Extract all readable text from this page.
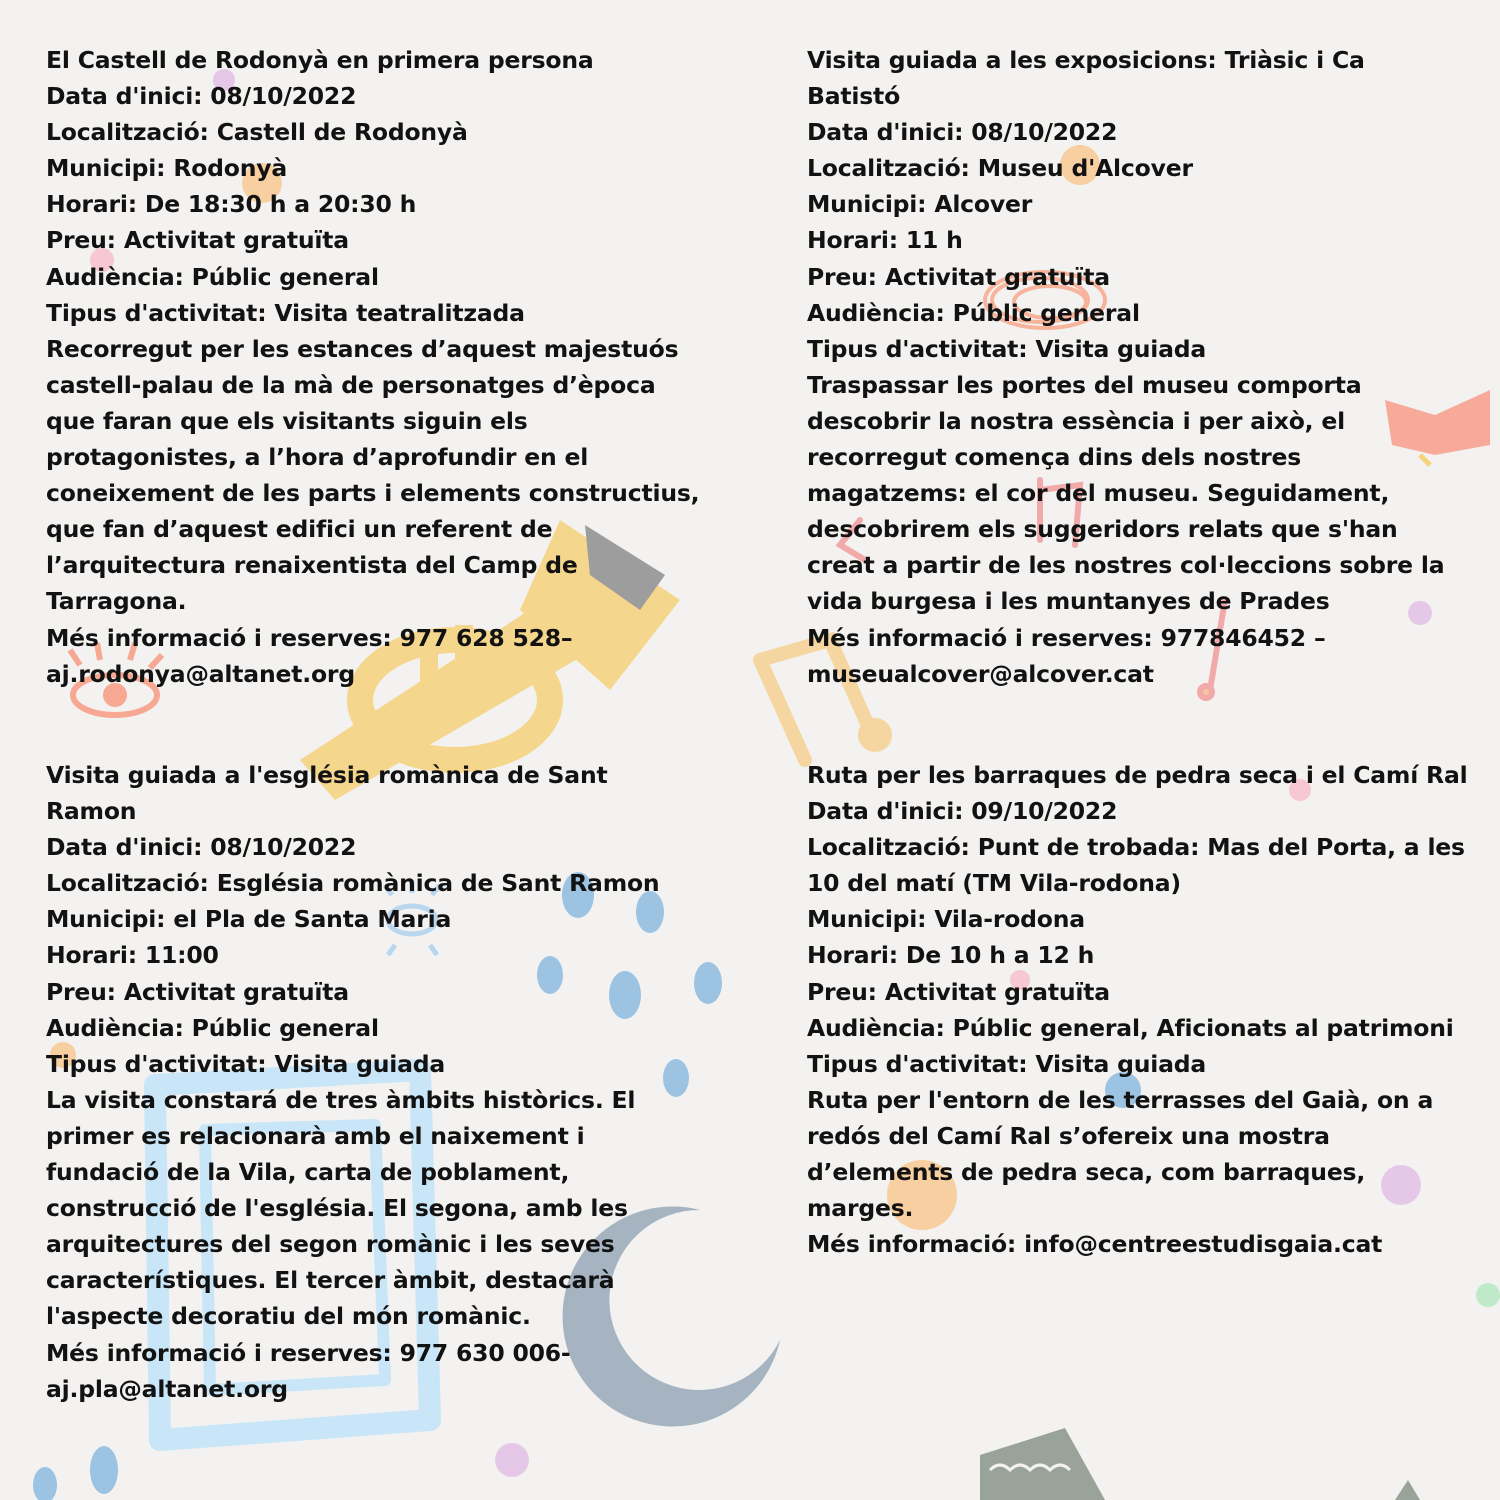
El Castell de Rodonyà en primera persona
Data d'inici: 08/10/2022
Localització: Castell de Rodonyà
Municipi: Rodonyà
Horari: De 18:30 h a 20:30 h
Preu: Activitat gratuïta
Audiència: Públic general
Tipus d'activitat: Visita teatralitzada
Recorregut per les estances d’aquest majestuós
castell-palau de la mà de personatges d’època
que faran que els visitants siguin els
protagonistes, a l’hora d’aprofundir en el
coneixement de les parts i elements constructius,
que fan d’aquest edifici un referent de
l’arquitectura renaixentista del Camp de
Tarragona.
Més informació i reserves: 977 628 528–
aj.rodonya@altanet.org
Visita guiada a les exposicions: Triàsic i Ca
Batistó
Data d'inici: 08/10/2022
Localització: Museu d'Alcover
Municipi: Alcover
Horari: 11 h
Preu: Activitat gratuïta
Audiència: Públic general
Tipus d'activitat: Visita guiada
Traspassar les portes del museu comporta
descobrir la nostra essència i per això, el
recorregut comença dins dels nostres
magatzems: el cor del museu. Seguidament,
descobrirem els suggeridors relats que s'han
creat a partir de les nostres col·leccions sobre la
vida burgesa i les muntanyes de Prades
Més informació i reserves: 977846452 –
museualcover@alcover.cat
Visita guiada a l'església romànica de Sant
Ramon
Data d'inici: 08/10/2022
Localització: Església romànica de Sant Ramon
Municipi: el Pla de Santa Maria
Horari: 11:00
Preu: Activitat gratuïta
Audiència: Públic general
Tipus d'activitat: Visita guiada
La visita constará de tres àmbits històrics. El
primer es relacionarà amb el naixement i
fundació de la Vila, carta de poblament,
construcció de l'església. El segona, amb les
arquitectures del segon romànic i les seves
característiques. El tercer àmbit, destacarà
l'aspecte decoratiu del món romànic.
Més informació i reserves: 977 630 006-
aj.pla@altanet.org
Ruta per les barraques de pedra seca i el Camí Ral
Data d'inici: 09/10/2022
Localització: Punt de trobada: Mas del Porta, a les
10 del matí (TM Vila-rodona)
Municipi: Vila-rodona
Horari: De 10 h a 12 h
Preu: Activitat gratuïta
Audiència: Públic general, Aficionats al patrimoni
Tipus d'activitat: Visita guiada
Ruta per l'entorn de les terrasses del Gaià, on a
redós del Camí Ral s’ofereix una mostra
d’elements de pedra seca, com barraques,
marges.
Més informació: info@centreestudisgaia.cat
